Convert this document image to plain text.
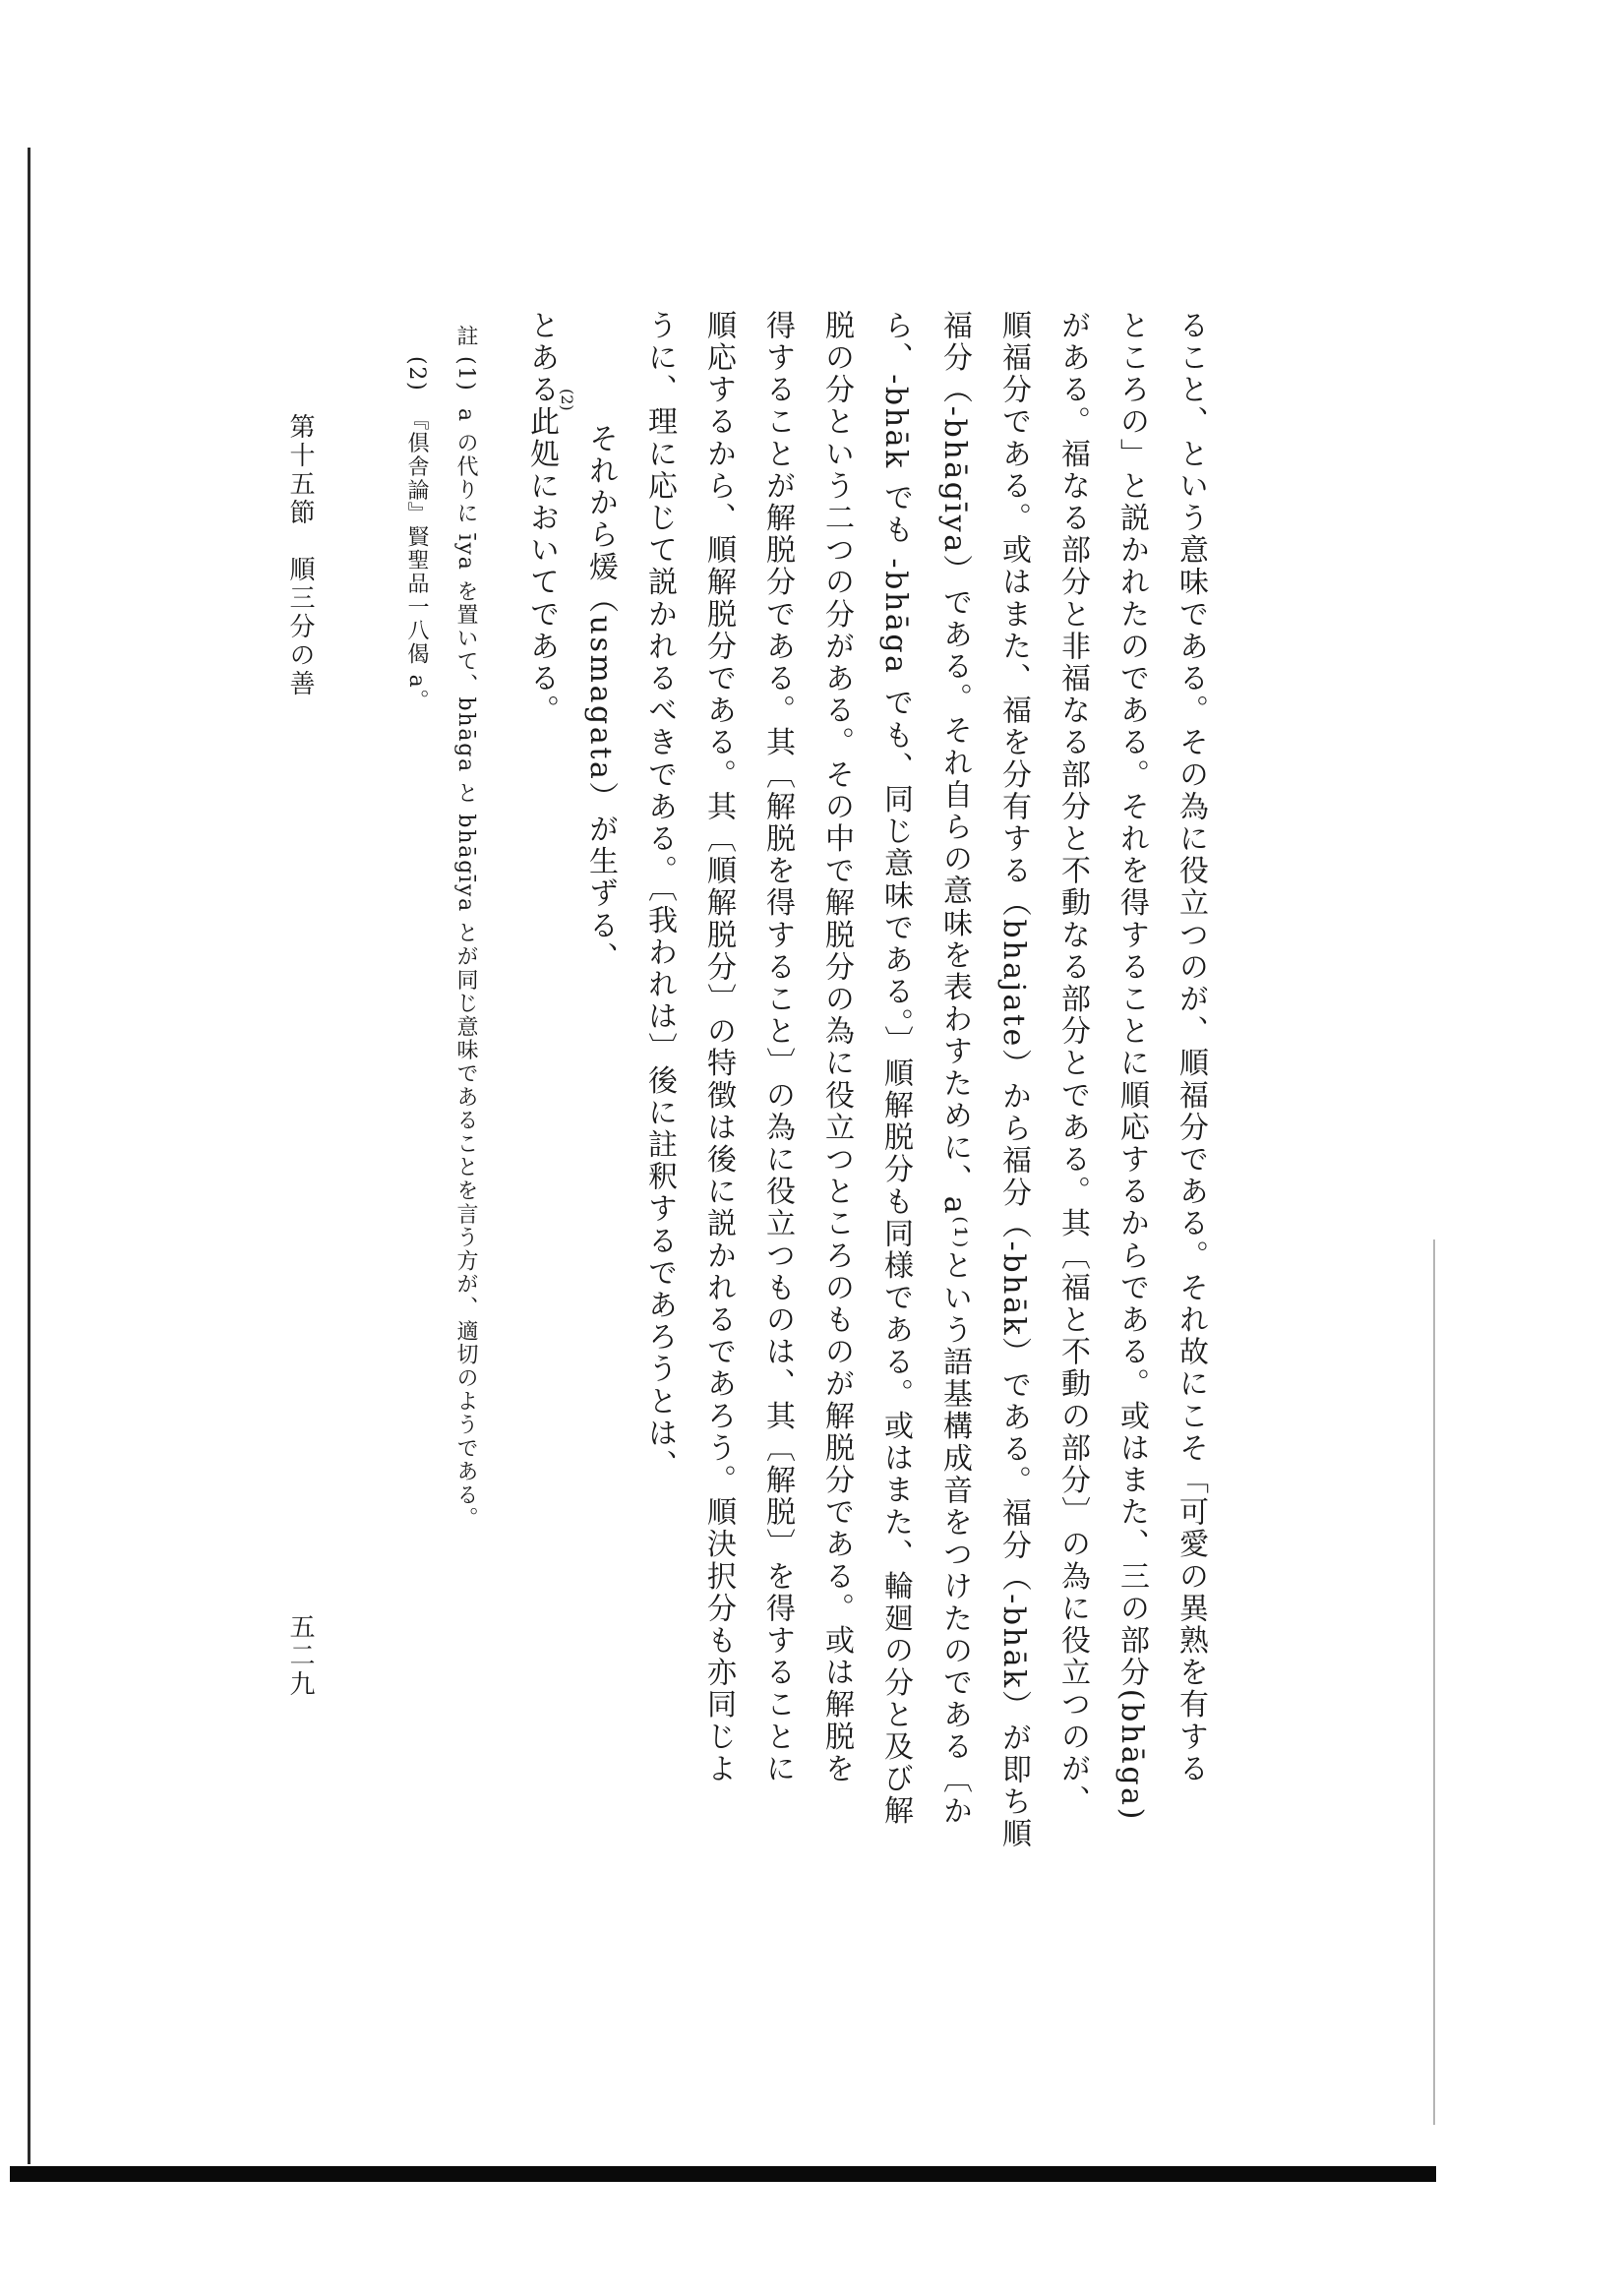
ること、という意味である。その為に役立つのが、順福分である。それ故にこそ「可愛の異熟を有する
ところの」と説かれたのである。それを得することに順応するからである。或はまた、三の部分(bhāga)
がある。福なる部分と非福なる部分と不動なる部分とである。其〔福と不動の部分〕の為に役立つのが、
順福分である。或はまた、福を分有する（bhajate）から福分（-bhāk）である。福分（-bhāk）が即ち順
福分（-bhāgīya）である。それ自らの意味を表わすために、a⁽¹⁾という語基構成音をつけたのである〔か
ら、-bhāk でも -bhāga でも、同じ意味である。〕順解脱分も同様である。或はまた、輪廻の分と及び解
脱の分という二つの分がある。その中で解脱分の為に役立つところのものが解脱分である。或は解脱を
得することが解脱分である。其〔解脱を得すること〕の為に役立つものは、其〔解脱〕を得することに
順応するから、順解脱分である。其〔順解脱分〕の特徴は後に説かれるであろう。順決択分も亦同じよ
うに、理に応じて説かれるべきである。〔我われは〕後に註釈するであろうとは、
(2)
それから煖（usmagata）が生ずる、
とある此処においてである。
註
(1)
a の代りに īya を置いて、bhāga と bhāgīya とが同じ意味であることを言う方が、適切のようである。
(2)
『倶舎論』賢聖品一八偈 a。
第十五節　順三分の善
五二九
